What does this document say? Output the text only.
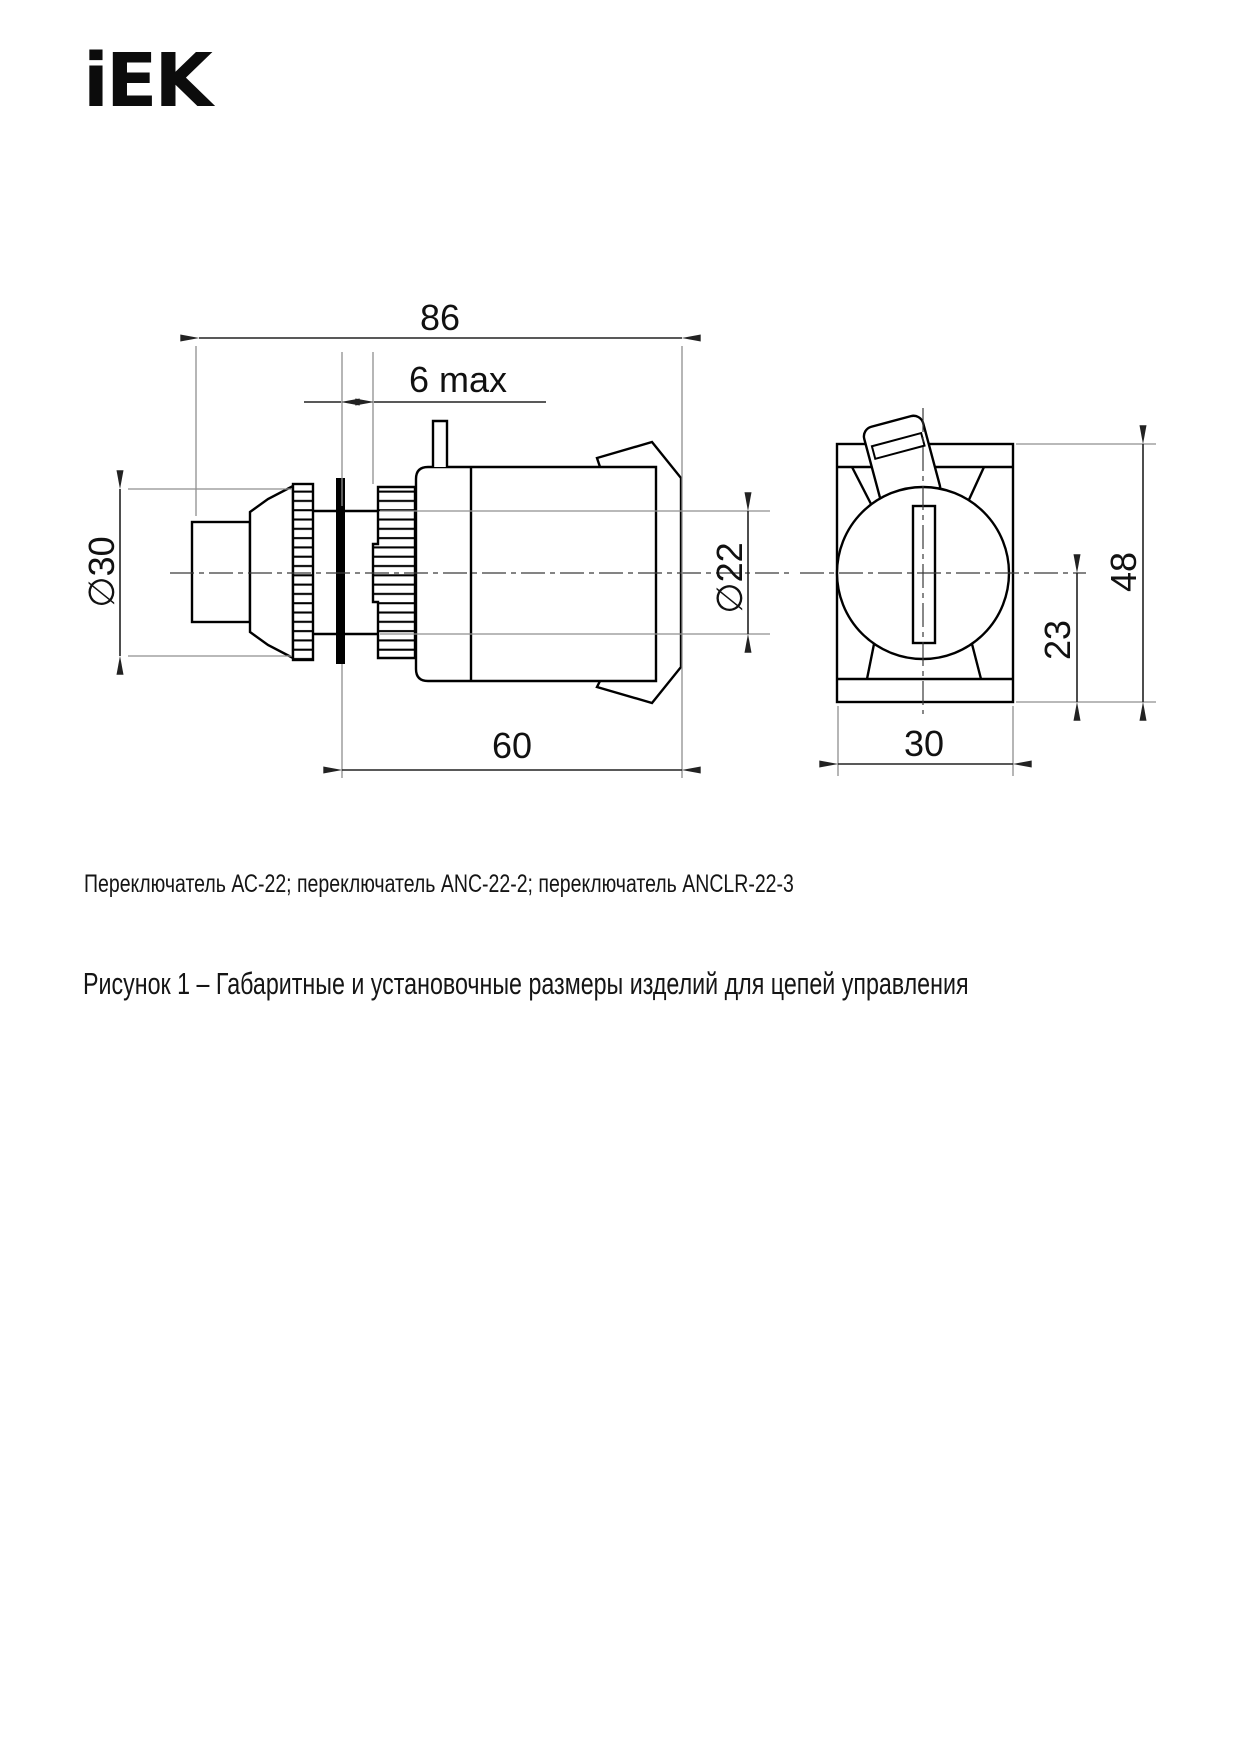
iEK
86
6 max
∅30	∅22
60
48
23
30
Переключатель АС-22; переключатель ANC-22-2; переключатель ANCLR-22-3
Рисунок 1 – Габаритные и установочные размеры изделий для цепей управления
